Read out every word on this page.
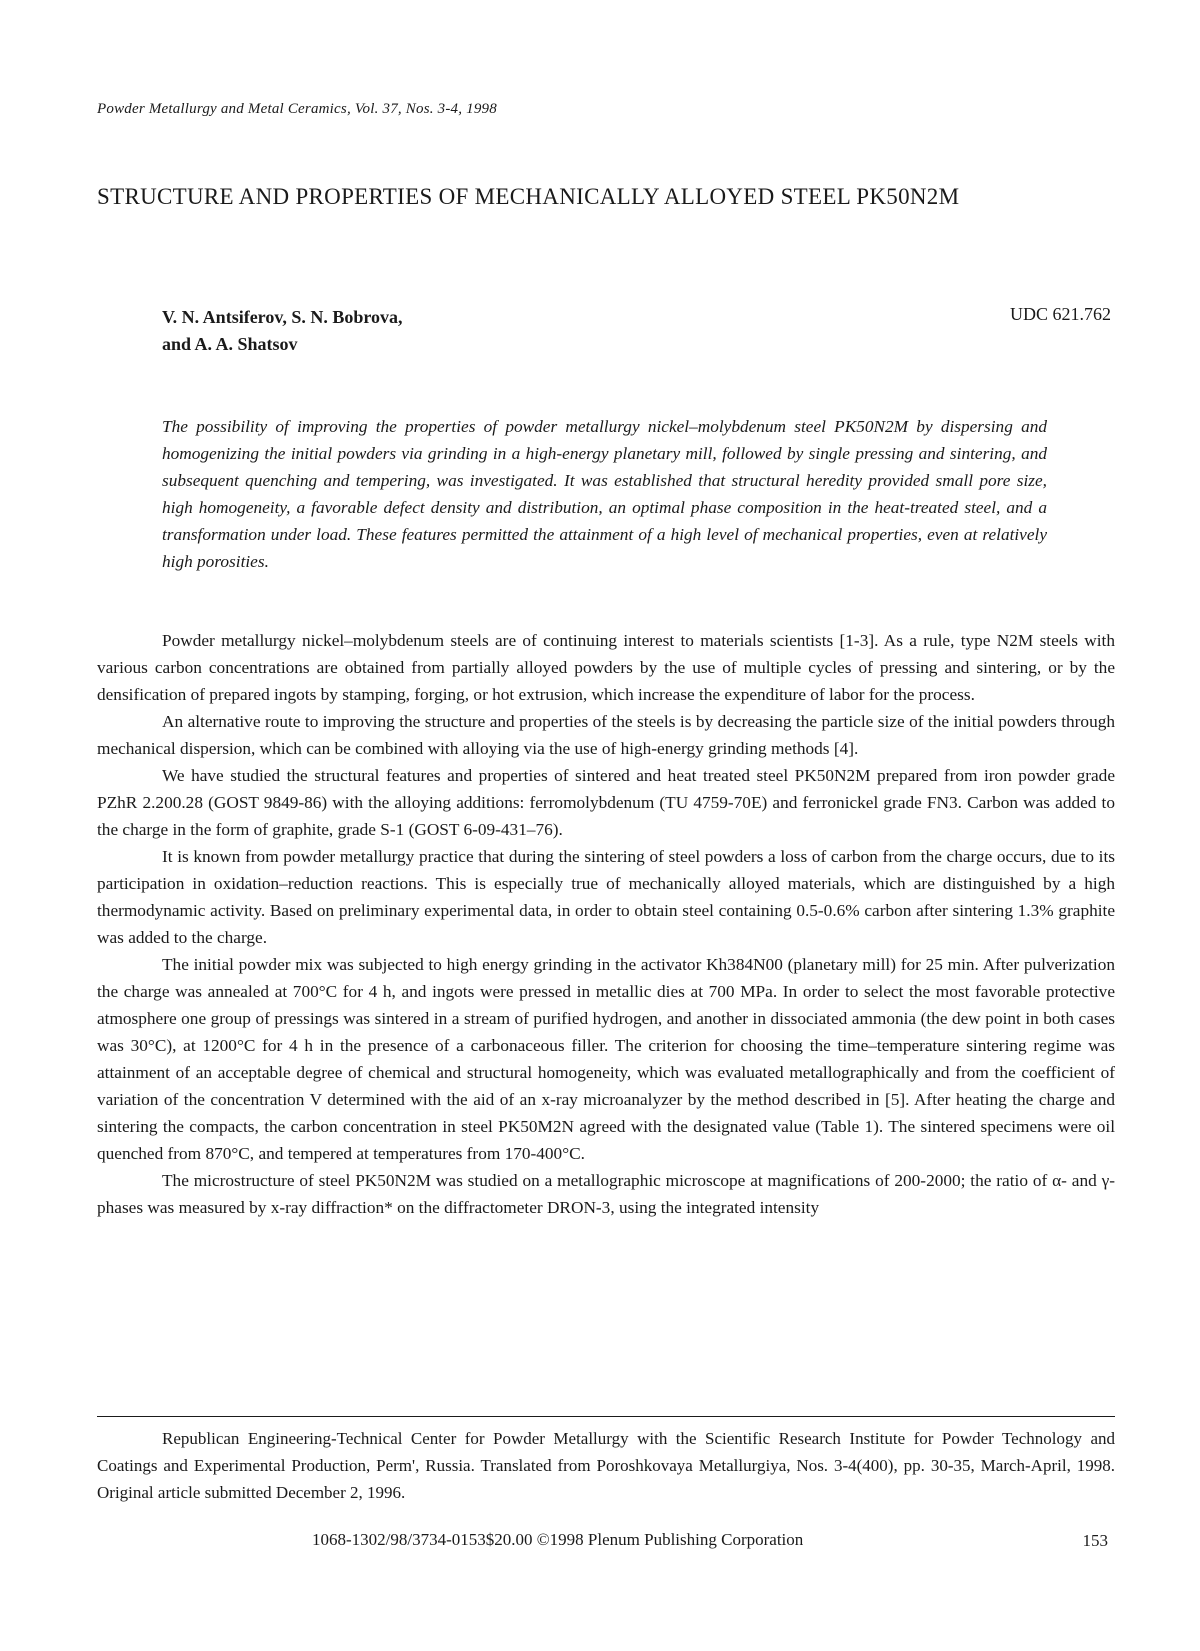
Powder Metallurgy and Metal Ceramics, Vol. 37, Nos. 3-4, 1998
STRUCTURE AND PROPERTIES OF MECHANICALLY ALLOYED STEEL PK50N2M
V. N. Antsiferov, S. N. Bobrova,
and A. A. Shatsov
UDC 621.762

The possibility of improving the properties of powder metallurgy nickel–molybdenum steel PK50N2M by dispersing and homogenizing the initial powders via grinding in a high-energy planetary mill, followed by single pressing and sintering, and subsequent quenching and tempering, was investigated. It was established that structural heredity provided small pore size, high homogeneity, a favorable defect density and distribution, an optimal phase composition in the heat-treated steel, and a transformation under load. These features permitted the attainment of a high level of mechanical properties, even at relatively high porosities.

Powder metallurgy nickel–molybdenum steels are of continuing interest to materials scientists [1-3]. As a rule, type N2M steels with various carbon concentrations are obtained from partially alloyed powders by the use of multiple cycles of pressing and sintering, or by the densification of prepared ingots by stamping, forging, or hot extrusion, which increase the expenditure of labor for the process.

An alternative route to improving the structure and properties of the steels is by decreasing the particle size of the initial powders through mechanical dispersion, which can be combined with alloying via the use of high-energy grinding methods [4].

We have studied the structural features and properties of sintered and heat treated steel PK50N2M prepared from iron powder grade PZhR 2.200.28 (GOST 9849-86) with the alloying additions: ferromolybdenum (TU 4759-70E) and ferronickel grade FN3. Carbon was added to the charge in the form of graphite, grade S-1 (GOST 6-09-431–76).

It is known from powder metallurgy practice that during the sintering of steel powders a loss of carbon from the charge occurs, due to its participation in oxidation–reduction reactions. This is especially true of mechanically alloyed materials, which are distinguished by a high thermodynamic activity. Based on preliminary experimental data, in order to obtain steel containing 0.5-0.6% carbon after sintering 1.3% graphite was added to the charge.

The initial powder mix was subjected to high energy grinding in the activator Kh384N00 (planetary mill) for 25 min. After pulverization the charge was annealed at 700°C for 4 h, and ingots were pressed in metallic dies at 700 MPa. In order to select the most favorable protective atmosphere one group of pressings was sintered in a stream of purified hydrogen, and another in dissociated ammonia (the dew point in both cases was 30°C), at 1200°C for 4 h in the presence of a carbonaceous filler. The criterion for choosing the time–temperature sintering regime was attainment of an acceptable degree of chemical and structural homogeneity, which was evaluated metallographically and from the coefficient of variation of the concentration V determined with the aid of an x-ray microanalyzer by the method described in [5]. After heating the charge and sintering the compacts, the carbon concentration in steel PK50M2N agreed with the designated value (Table 1). The sintered specimens were oil quenched from 870°C, and tempered at temperatures from 170-400°C.

The microstructure of steel PK50N2M was studied on a metallographic microscope at magnifications of 200-2000; the ratio of α- and γ-phases was measured by x-ray diffraction* on the diffractometer DRON-3, using the integrated intensity

Republican Engineering-Technical Center for Powder Metallurgy with the Scientific Research Institute for Powder Technology and Coatings and Experimental Production, Perm', Russia. Translated from Poroshkovaya Metallurgiya, Nos. 3-4(400), pp. 30-35, March-April, 1998. Original article submitted December 2, 1996.

1068-1302/98/3734-0153$20.00 ©1998 Plenum Publishing Corporation	153
